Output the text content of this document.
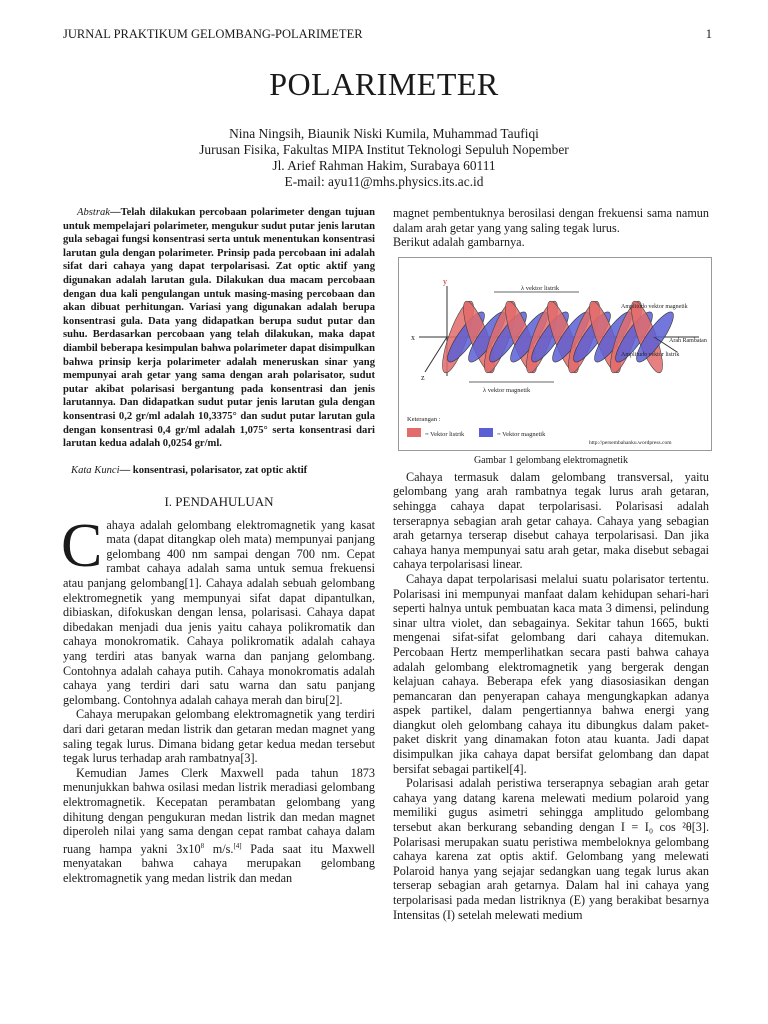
JURNAL PRAKTIKUM GELOMBANG-POLARIMETER	1
POLARIMETER
Nina Ningsih, Biaunik Niski Kumila, Muhammad Taufiqi
Jurusan Fisika, Fakultas MIPA Institut Teknologi Sepuluh Nopember
Jl. Arief Rahman Hakim, Surabaya 60111
E-mail: ayu11@mhs.physics.its.ac.id
Abstrak—Telah dilakukan percobaan polarimeter dengan tujuan untuk mempelajari polarimeter, mengukur sudut putar jenis larutan gula sebagai fungsi konsentrasi serta untuk menentukan konsentrasi larutan gula dengan polarimeter. Prinsip pada percobaan ini adalah sifat dari cahaya yang dapat terpolarisasi. Zat optic aktif yang digunakan adalah larutan gula. Dilakukan dua macam percobaan dengan dua kali pengulangan untuk masing-masing percobaan dan akan dibuat perhitungan. Variasi yang digunakan adalah berupa konsentrasi gula. Data yang didapatkan berupa sudut putar dan suhu. Berdasarkan percobaan yang telah dilakukan, maka dapat diambil beberapa kesimpulan bahwa polarimeter dapat disimpulkan bahwa prinsip kerja polarimeter adalah meneruskan sinar yang mempunyai arah getar yang sama dengan arah polarisator, sudut putar akibat polarisasi bergantung pada konsentrasi dan jenis larutannya. Dan didapatkan sudut putar jenis larutan gula dengan konsentrasi 0,2 gr/ml adalah 10,3375° dan sudut putar larutan gula dengan konsentrasi 0,4 gr/ml adalah 1,075° serta konsentrasi dari larutan kedua adalah 0,0254 gr/ml.
Kata Kunci— konsentrasi, polarisator, zat optic aktif
I. PENDAHULUAN

Cahaya adalah gelombang elektromagnetik yang kasat mata (dapat ditangkap oleh mata) mempunyai panjang gelombang 400 nm sampai dengan 700 nm. Cepat rambat cahaya adalah sama untuk semua frekuensi atau panjang gelombang[1]. Cahaya adalah sebuah gelombang elektromegnetik yang mempunyai sifat dapat dipantulkan, dibiaskan, difokuskan dengan lensa, polarisasi. Cahaya dapat dibedakan menjadi dua jenis yaitu cahaya polikromatik dan cahaya monokromatik. Cahaya polikromatik adalah cahaya yang terdiri atas banyak warna dan panjang gelombang. Contohnya adalah cahaya putih. Cahaya monokromatis adalah cahaya yang terdiri dari satu warna dan satu panjang gelombang. Contohnya adalah cahaya merah dan biru[2].

Cahaya merupakan gelombang elektromagnetik yang terdiri dari dari getaran medan listrik dan getaran medan magnet yang saling tegak lurus. Dimana bidang getar kedua medan tersebut tegak lurus terhadap arah rambatnya[3].

Kemudian James Clerk Maxwell pada tahun 1873 menunjukkan bahwa osilasi medan listrik meradiasi gelombang elektromagnetik. Kecepatan perambatan gelombang yang dihitung dengan pengukuran medan listrik dan medan magnet diperoleh nilai yang sama dengan cepat rambat cahaya dalam ruang hampa yakni $3x10^8$ m/s.[4] Pada saat itu Maxwell menyatakan bahwa cahaya merupakan gelombang elektromagnetik yang medan listrik dan medan

magnet pembentuknya berosilasi dengan frekuensi sama namun dalam arah getar yang yang saling tegak lurus.

Berikut adalah gambarnya.

y
x
z
λ vektor listrik
λ vektor magnetik
Amplitudo vektor magnetik
Amplitudo vektor listrik
Arah Rambatan
Keterangan :
= Vektor listrik	= Vektor magnetik
http://persembahanku.wordpress.com
Gambar 1 gelombang elektromagnetik

Cahaya termasuk dalam gelombang transversal, yaitu gelombang yang arah rambatnya tegak lurus arah getaran, sehingga cahaya dapat terpolarisasi. Polarisasi adalah terserapnya sebagian arah getar cahaya. Cahaya yang sebagian arah getarnya terserap disebut cahaya terpolarisasi. Dan jika cahaya hanya mempunyai satu arah getar, maka disebut sebagai cahaya terpolarisasi linear.

Cahaya dapat terpolarisasi melalui suatu polarisator tertentu. Polarisasi ini mempunyai manfaat dalam kehidupan sehari-hari seperti halnya untuk pembuatan kaca mata 3 dimensi, pelindung sinar ultra violet, dan sebagainya. Sekitar tahun 1665, bukti mengenai sifat-sifat gelombang dari cahaya ditemukan. Percobaan Hertz memperlihatkan secara pasti bahwa cahaya adalah gelombang elektromagnetik yang bergerak dengan kelajuan cahaya. Beberapa efek yang diasosiasikan dengan pemancaran dan penyerapan cahaya mengungkapkan adanya aspek partikel, dalam pengertiannya bahwa energi yang diangkut oleh gelombang cahaya itu dibungkus dalam paket-paket diskrit yang dinamakan foton atau kuanta. Jadi dapat disimpulkan jika cahaya dapat bersifat gelombang dan dapat bersifat sebagai partikel[4].

Polarisasi adalah peristiwa terserapnya sebagian arah getar cahaya yang datang karena melewati medium polaroid yang memiliki gugus asimetri sehingga amplitudo gelombang tersebut akan berkurang sebanding dengan I = I₀ cos ²θ[3]. Polarisasi merupakan suatu peristiwa membeloknya gelombang cahaya karena zat optis aktif. Gelombang yang melewati Polaroid hanya yang sejajar sedangkan uang tegak lurus akan terserap sebagian arah getarnya. Dalam hal ini cahaya yang terpolarisasi pada medan listriknya (E) yang berakibat besarnya Intensitas (I) setelah melewati medium
